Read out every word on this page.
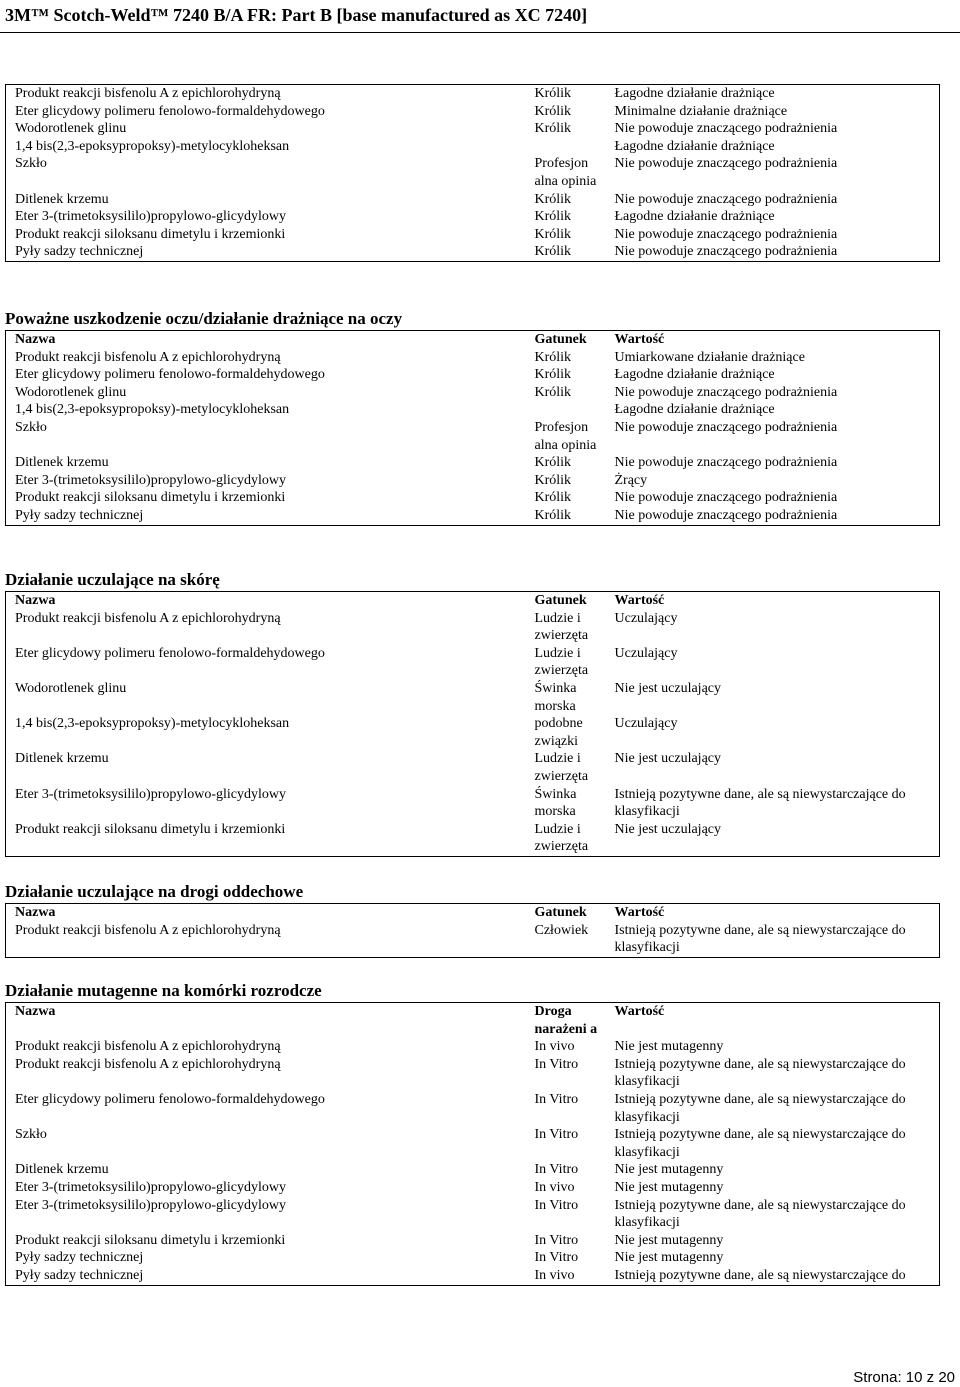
3M™ Scotch-Weld™ 7240 B/A FR: Part B [base manufactured as XC 7240]
Produkt reakcji bisfenolu A z epichlorohydryną	Królik	Łagodne działanie drażniące
Eter glicydowy polimeru fenolowo-formaldehydowego	Królik	Minimalne działanie drażniące
Wodorotlenek glinu	Królik	Nie powoduje znaczącego podrażnienia
1,4 bis(2,3-epoksypropoksy)-metylocykloheksan		Łagodne działanie drażniące
Szkło	Profesjon alna opinia	Nie powoduje znaczącego podrażnienia
Ditlenek krzemu	Królik	Nie powoduje znaczącego podrażnienia
Eter 3-(trimetoksysililo)propylowo-glicydylowy	Królik	Łagodne działanie drażniące
Produkt reakcji siloksanu dimetylu i krzemionki	Królik	Nie powoduje znaczącego podrażnienia
Pyły sadzy technicznej	Królik	Nie powoduje znaczącego podrażnienia
Poważne uszkodzenie oczu/działanie drażniące na oczy
Nazwa	Gatunek	Wartość
Produkt reakcji bisfenolu A z epichlorohydryną	Królik	Umiarkowane działanie drażniące
Eter glicydowy polimeru fenolowo-formaldehydowego	Królik	Łagodne działanie drażniące
Wodorotlenek glinu	Królik	Nie powoduje znaczącego podrażnienia
1,4 bis(2,3-epoksypropoksy)-metylocykloheksan		Łagodne działanie drażniące
Szkło	Profesjon alna opinia	Nie powoduje znaczącego podrażnienia
Ditlenek krzemu	Królik	Nie powoduje znaczącego podrażnienia
Eter 3-(trimetoksysililo)propylowo-glicydylowy	Królik	Żrący
Produkt reakcji siloksanu dimetylu i krzemionki	Królik	Nie powoduje znaczącego podrażnienia
Pyły sadzy technicznej	Królik	Nie powoduje znaczącego podrażnienia
Działanie uczulające na skórę
Nazwa	Gatunek	Wartość
Produkt reakcji bisfenolu A z epichlorohydryną	Ludzie i zwierzęta	Uczulający
Eter glicydowy polimeru fenolowo-formaldehydowego	Ludzie i zwierzęta	Uczulający
Wodorotlenek glinu	Świnka morska	Nie jest uczulający
1,4 bis(2,3-epoksypropoksy)-metylocykloheksan	podobne związki	Uczulający
Ditlenek krzemu	Ludzie i zwierzęta	Nie jest uczulający
Eter 3-(trimetoksysililo)propylowo-glicydylowy	Świnka morska	Istnieją pozytywne dane, ale są niewystarczające do klasyfikacji
Produkt reakcji siloksanu dimetylu i krzemionki	Ludzie i zwierzęta	Nie jest uczulający
Działanie uczulające na drogi oddechowe
Nazwa	Gatunek	Wartość
Produkt reakcji bisfenolu A z epichlorohydryną	Człowiek	Istnieją pozytywne dane, ale są niewystarczające do klasyfikacji
Działanie mutagenne na komórki rozrodcze
Nazwa	Droga narażeni a	Wartość
Produkt reakcji bisfenolu A z epichlorohydryną	In vivo	Nie jest mutagenny
Produkt reakcji bisfenolu A z epichlorohydryną	In Vitro	Istnieją pozytywne dane, ale są niewystarczające do klasyfikacji
Eter glicydowy polimeru fenolowo-formaldehydowego	In Vitro	Istnieją pozytywne dane, ale są niewystarczające do klasyfikacji
Szkło	In Vitro	Istnieją pozytywne dane, ale są niewystarczające do klasyfikacji
Ditlenek krzemu	In Vitro	Nie jest mutagenny
Eter 3-(trimetoksysililo)propylowo-glicydylowy	In vivo	Nie jest mutagenny
Eter 3-(trimetoksysililo)propylowo-glicydylowy	In Vitro	Istnieją pozytywne dane, ale są niewystarczające do klasyfikacji
Produkt reakcji siloksanu dimetylu i krzemionki	In Vitro	Nie jest mutagenny
Pyły sadzy technicznej	In Vitro	Nie jest mutagenny
Pyły sadzy technicznej	In vivo	Istnieją pozytywne dane, ale są niewystarczające do
Strona: 10 z 20
